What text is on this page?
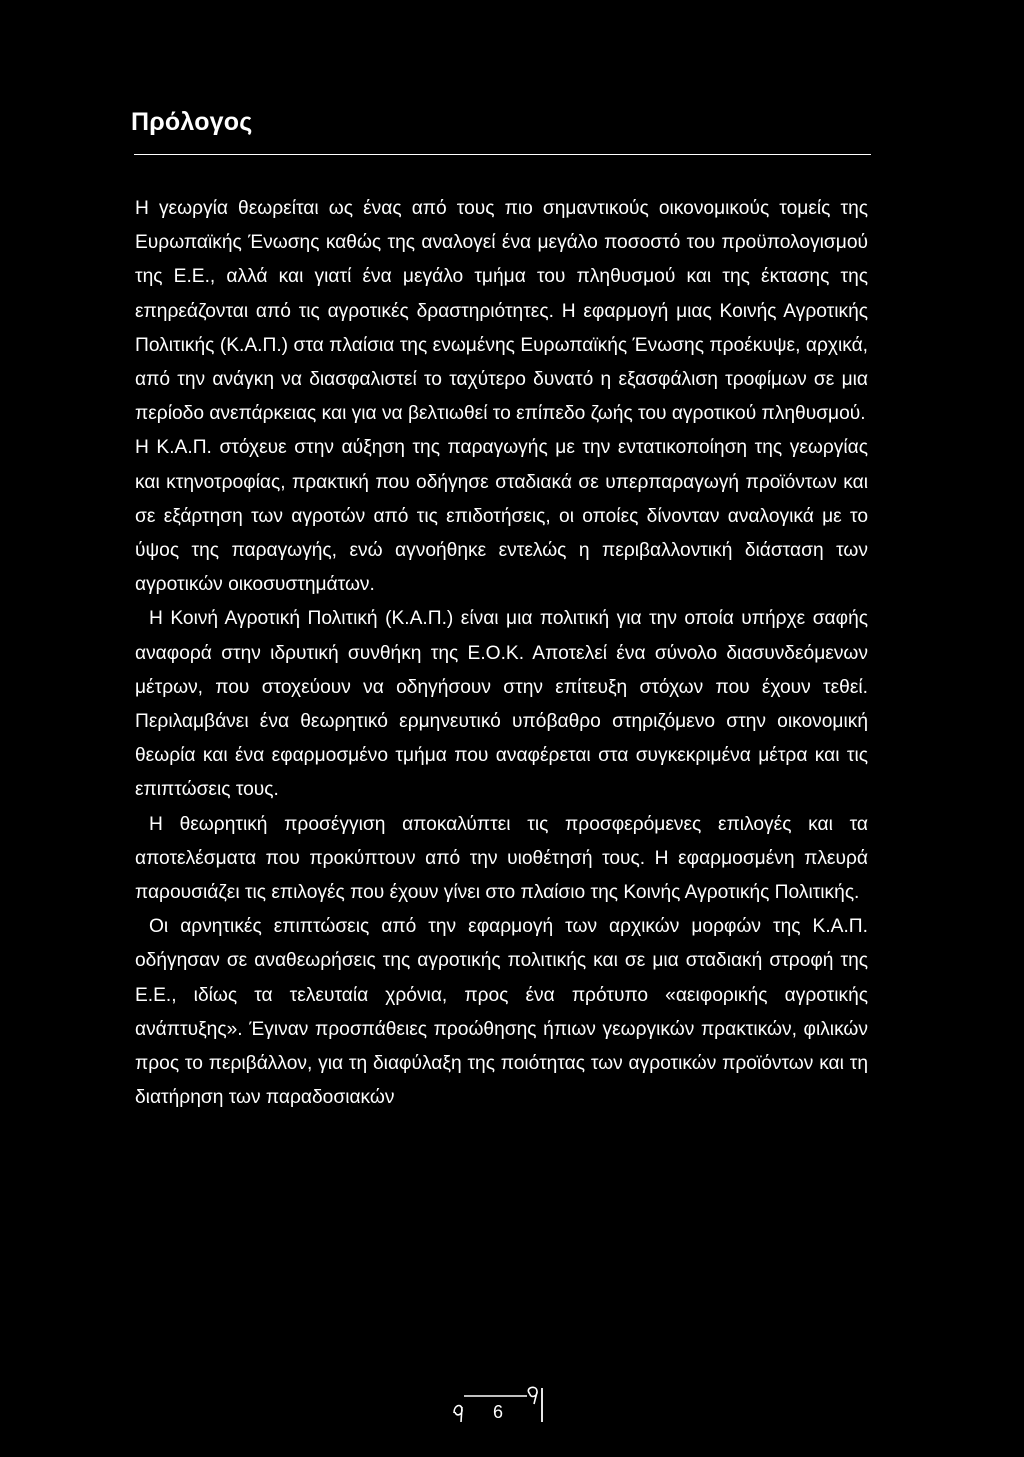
Πρόλογος

Η γεωργία θεωρείται ως ένας από τους πιο σημαντικούς οικονομικούς τομείς της Ευρωπαϊκής Ένωσης καθώς της αναλογεί ένα μεγάλο ποσοστό του προϋπολογισμού της Ε.Ε., αλλά και γιατί ένα μεγάλο τμήμα του πληθυσμού και της έκτασης της επηρεάζονται από τις αγροτικές δραστηριότητες. Η εφαρμογή μιας Κοινής Αγροτικής Πολιτικής (Κ.Α.Π.) στα πλαίσια της ενωμένης Ευρωπαϊκής Ένωσης προέκυψε, αρχικά, από την ανάγκη να διασφαλιστεί το ταχύτερο δυνατό η εξασφάλιση τροφίμων σε μια περίοδο ανεπάρκειας και για να βελτιωθεί το επίπεδο ζωής του αγροτικού πληθυσμού.

Η Κ.Α.Π. στόχευε στην αύξηση της παραγωγής με την εντατικοποίηση της γεωργίας και κτηνοτροφίας, πρακτική που οδήγησε σταδιακά σε υπερπαραγωγή προϊόντων και σε εξάρτηση των αγροτών από τις επιδοτήσεις, οι οποίες δίνονταν αναλογικά με το ύψος της παραγωγής, ενώ αγνοήθηκε εντελώς η περιβαλλοντική διάσταση των αγροτικών οικοσυστημάτων.

Η Κοινή Αγροτική Πολιτική (Κ.Α.Π.) είναι μια πολιτική για την οποία υπήρχε σαφής αναφορά στην ιδρυτική συνθήκη της Ε.Ο.Κ. Αποτελεί ένα σύνολο διασυνδεόμενων μέτρων, που στοχεύουν να οδηγήσουν στην επίτευξη στόχων που έχουν τεθεί. Περιλαμβάνει ένα θεωρητικό ερμηνευτικό υπόβαθρο στηριζόμενο στην οικονομική θεωρία και ένα εφαρμοσμένο τμήμα που αναφέρεται στα συγκεκριμένα μέτρα και τις επιπτώσεις τους.

Η θεωρητική προσέγγιση αποκαλύπτει τις προσφερόμενες επιλογές και τα αποτελέσματα που προκύπτουν από την υιοθέτησή τους. Η εφαρμοσμένη πλευρά παρουσιάζει τις επιλογές που έχουν γίνει στο πλαίσιο της Κοινής Αγροτικής Πολιτικής.

Οι αρνητικές επιπτώσεις από την εφαρμογή των αρχικών μορφών της Κ.Α.Π. οδήγησαν σε αναθεωρήσεις της αγροτικής πολιτικής και σε μια σταδιακή στροφή της Ε.Ε., ιδίως τα τελευταία χρόνια, προς ένα πρότυπο «αειφορικής αγροτικής ανάπτυξης». Έγιναν προσπάθειες προώθησης ήπιων γεωργικών πρακτικών, φιλικών προς το περιβάλλον, για τη διαφύλαξη της ποιότητας των αγροτικών προϊόντων και τη διατήρηση των παραδοσιακών

6
